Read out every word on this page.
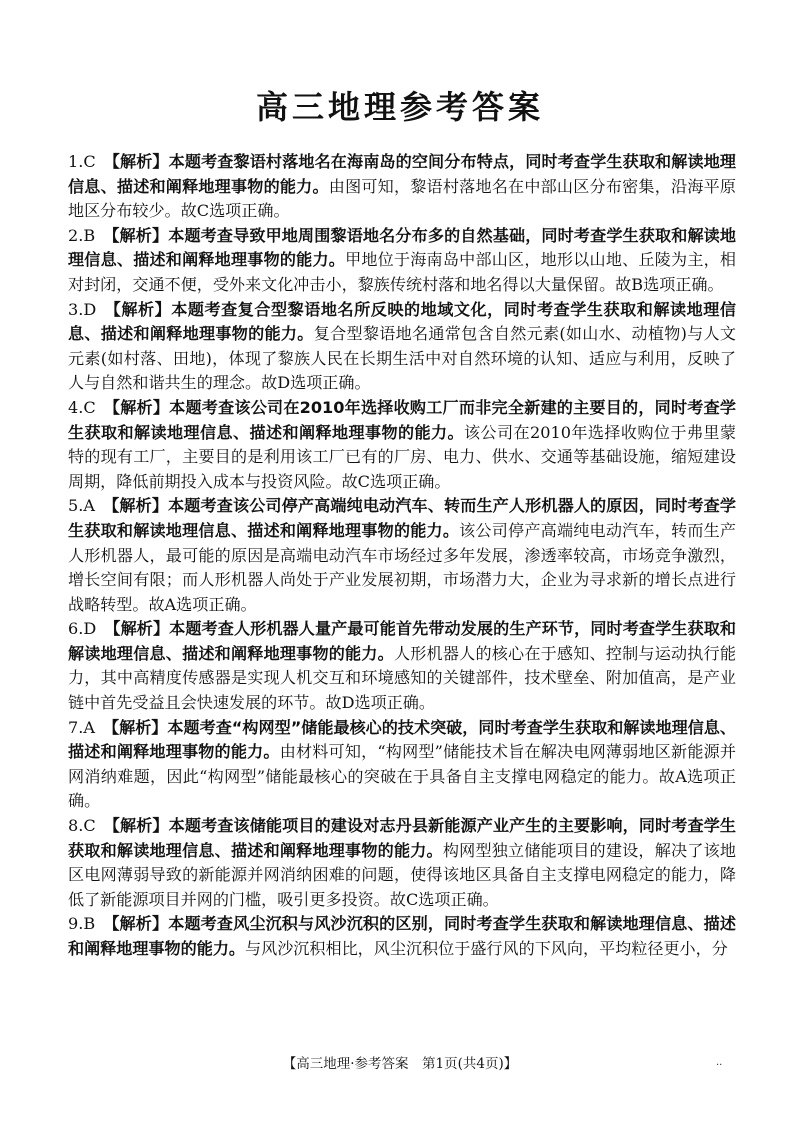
高三地理参考答案

1.C 【解析】本题考查黎语村落地名在海南岛的空间分布特点，同时考查学生获取和解读地理信息、描述和阐释地理事物的能力。由图可知，黎语村落地名在中部山区分布密集，沿海平原地区分布较少。故C选项正确。

2.B 【解析】本题考查导致甲地周围黎语地名分布多的自然基础，同时考查学生获取和解读地理信息、描述和阐释地理事物的能力。甲地位于海南岛中部山区，地形以山地、丘陵为主，相对封闭，交通不便，受外来文化冲击小，黎族传统村落和地名得以大量保留。故B选项正确。

3.D 【解析】本题考查复合型黎语地名所反映的地域文化，同时考查学生获取和解读地理信息、描述和阐释地理事物的能力。复合型黎语地名通常包含自然元素(如山水、动植物)与人文元素(如村落、田地)，体现了黎族人民在长期生活中对自然环境的认知、适应与利用，反映了人与自然和谐共生的理念。故D选项正确。

4.C 【解析】本题考查该公司在2010年选择收购工厂而非完全新建的主要目的，同时考查学生获取和解读地理信息、描述和阐释地理事物的能力。该公司在2010年选择收购位于弗里蒙特的现有工厂，主要目的是利用该工厂已有的厂房、电力、供水、交通等基础设施，缩短建设周期，降低前期投入成本与投资风险。故C选项正确。

5.A 【解析】本题考查该公司停产高端纯电动汽车、转而生产人形机器人的原因，同时考查学生获取和解读地理信息、描述和阐释地理事物的能力。该公司停产高端纯电动汽车，转而生产人形机器人，最可能的原因是高端电动汽车市场经过多年发展，渗透率较高，市场竞争激烈，增长空间有限；而人形机器人尚处于产业发展初期，市场潜力大，企业为寻求新的增长点进行战略转型。故A选项正确。

6.D 【解析】本题考查人形机器人量产最可能首先带动发展的生产环节，同时考查学生获取和解读地理信息、描述和阐释地理事物的能力。人形机器人的核心在于感知、控制与运动执行能力，其中高精度传感器是实现人机交互和环境感知的关键部件，技术壁垒、附加值高，是产业链中首先受益且会快速发展的环节。故D选项正确。

7.A 【解析】本题考查“构网型”储能最核心的技术突破，同时考查学生获取和解读地理信息、描述和阐释地理事物的能力。由材料可知，“构网型”储能技术旨在解决电网薄弱地区新能源并网消纳难题，因此“构网型”储能最核心的突破在于具备自主支撑电网稳定的能力。故A选项正确。

8.C 【解析】本题考查该储能项目的建设对志丹县新能源产业产生的主要影响，同时考查学生获取和解读地理信息、描述和阐释地理事物的能力。构网型独立储能项目的建设，解决了该地区电网薄弱导致的新能源并网消纳困难的问题，使得该地区具备自主支撑电网稳定的能力，降低了新能源项目并网的门槛，吸引更多投资。故C选项正确。

9.B 【解析】本题考查风尘沉积与风沙沉积的区别，同时考查学生获取和解读地理信息、描述和阐释地理事物的能力。与风沙沉积相比，风尘沉积位于盛行风的下风向，平均粒径更小，分

【高三地理·参考答案　第1页(共4页)】	··
